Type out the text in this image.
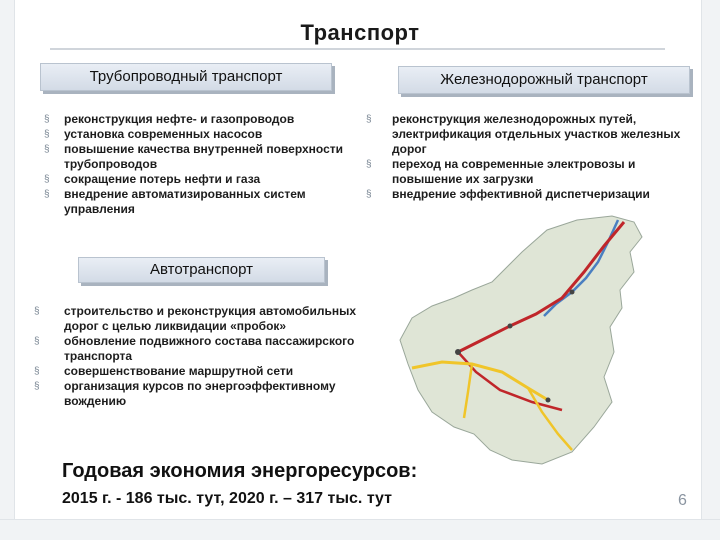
Транспорт
Трубопроводный транспорт	Железнодорожный транспорт
§ реконструкция нефте- и газопроводов
§ установка современных насосов
§ повышение качества внутренней поверхности трубопроводов
§ сокращение потерь нефти и газа
§ внедрение автоматизированных систем управления
§ реконструкция железнодорожных путей, электрификация отдельных участков железных дорог
§ переход на современные электровозы и повышение их загрузки
§ внедрение эффективной диспетчеризации
Автотранспорт
§ строительство и реконструкция автомобильных дорог с целью ликвидации «пробок»
§ обновление подвижного состава пассажирского транспорта
§ совершенствование маршрутной сети
§ организация курсов по энергоэффективному вождению
Годовая экономия энергоресурсов:
2015 г. - 186 тыс. тут, 2020 г. – 317 тыс. тут	6
